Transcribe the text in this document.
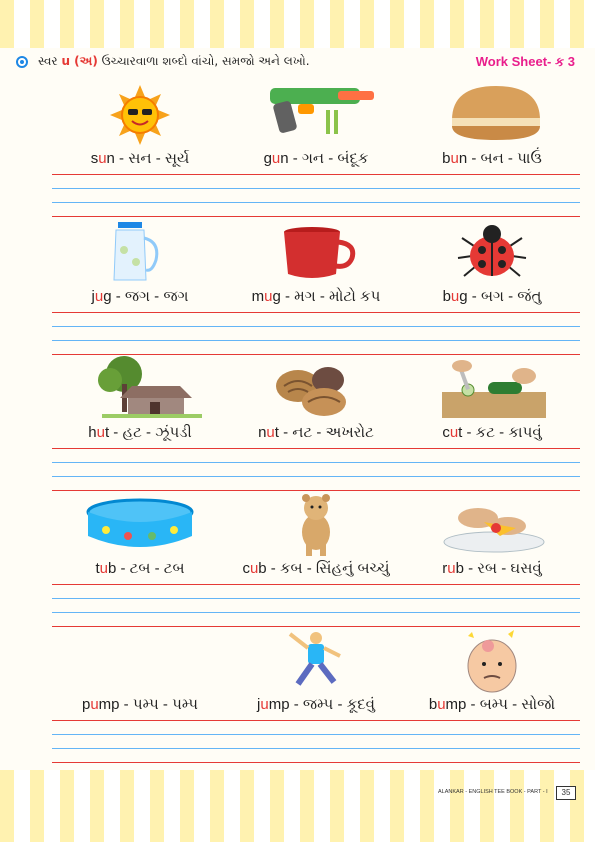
સ્વર u (અ) ઉચ્ચારવાળા શબ્દો વાંચો, સમજો અને લખો.	Work Sheet- ક 3
sun - સન - સૂર્ય	gun - ગન - બંદૂક	bun - બન - પાઉં
jug - જગ - જગ	mug - મગ - મોટો કપ	bug - બગ - જંતુ
hut - હટ - ઝૂંપડી	nut - નટ - અખરોટ	cut - કટ - કાપવું
tub - ટબ - ટબ	cub - કબ - સિંહનું બચ્ચું	rub - રબ - ઘસવું
pump - પમ્પ - પમ્પ	jump - જમ્પ - કૂદવું	bump - બમ્પ - સોજો
ALANKAR - ENGLISH TEE BOOK - PART - I	35
